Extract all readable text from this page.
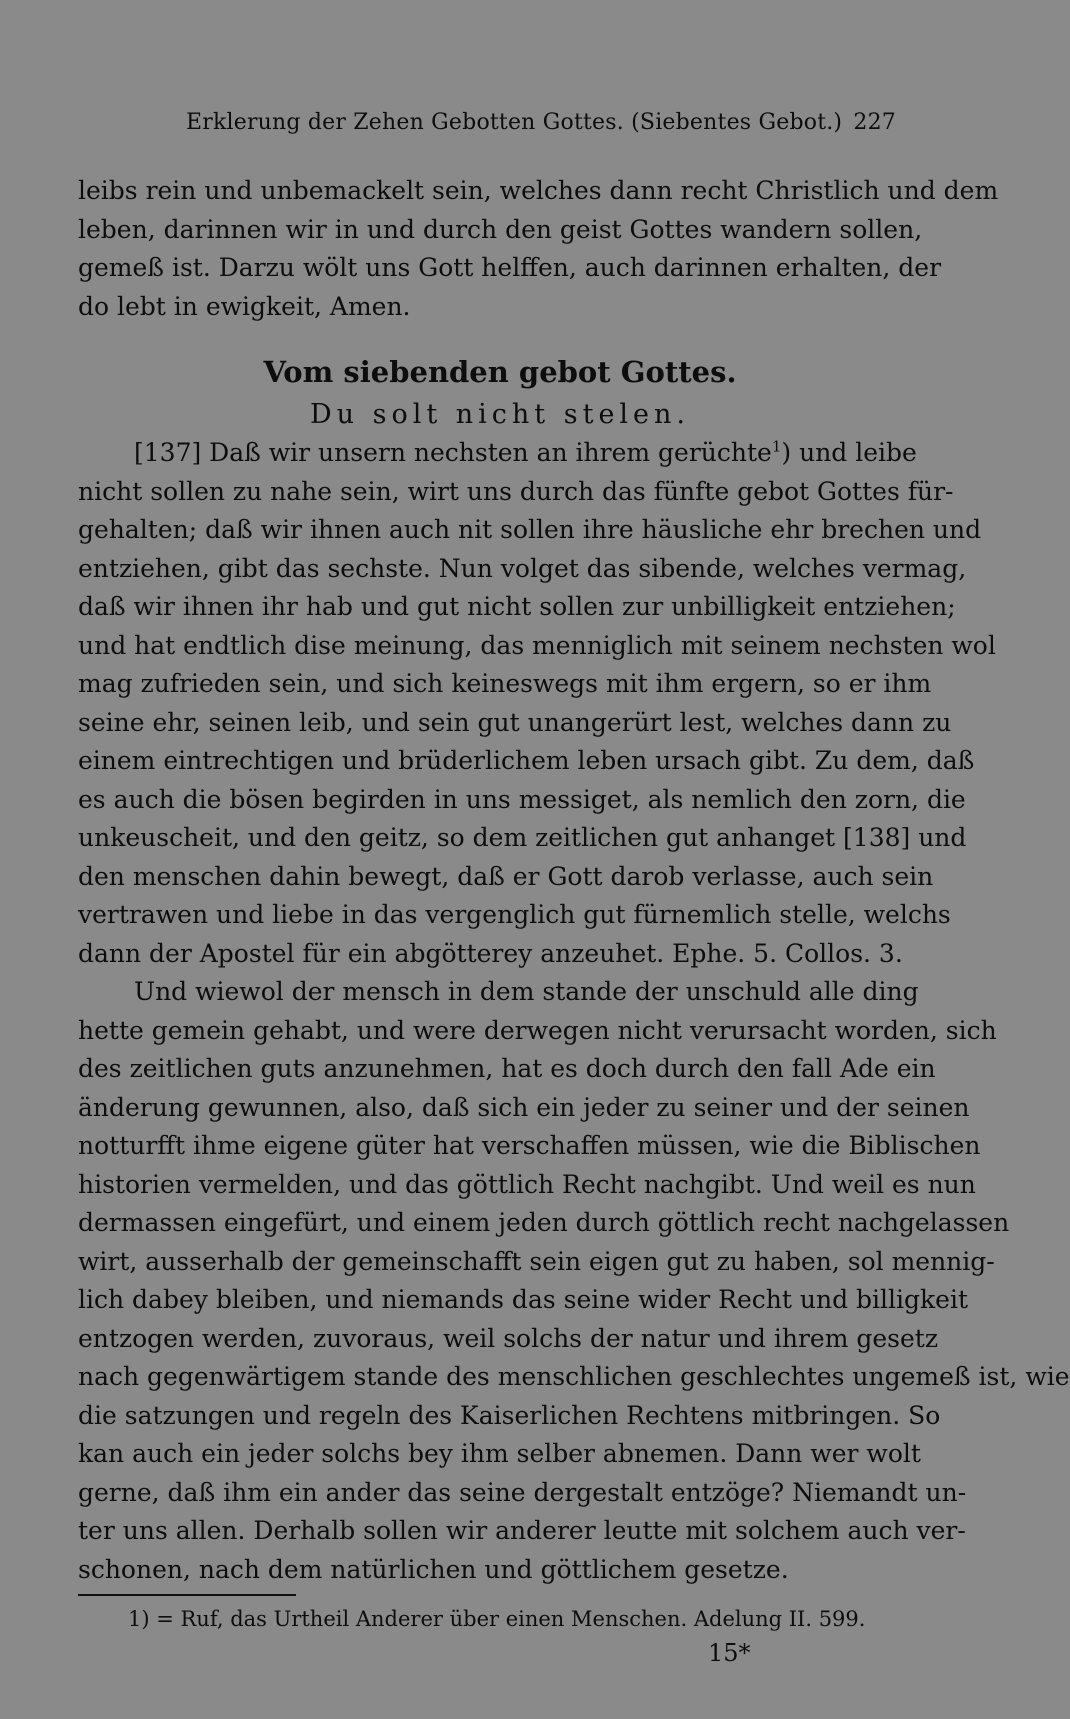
Erklerung der Zehen Gebotten Gottes. (Siebentes Gebot.) 227
leibs rein und unbemackelt sein, welches dann recht Christlich und dem
leben, darinnen wir in und durch den geist Gottes wandern sollen,
gemeß ist. Darzu wölt uns Gott helffen, auch darinnen erhalten, der
do lebt in ewigkeit, Amen.
Vom siebenden gebot Gottes.
Du solt nicht stelen.
[137] Daß wir unsern nechsten an ihrem gerüchte$^1$) und leibe
nicht sollen zu nahe sein, wirt uns durch das fünfte gebot Gottes für-
gehalten; daß wir ihnen auch nit sollen ihre häusliche ehr brechen und
entziehen, gibt das sechste. Nun volget das sibende, welches vermag,
daß wir ihnen ihr hab und gut nicht sollen zur unbilligkeit entziehen;
und hat endtlich dise meinung, das menniglich mit seinem nechsten wol
mag zufrieden sein, und sich keineswegs mit ihm ergern, so er ihm
seine ehr, seinen leib, und sein gut unangerürt lest, welches dann zu
einem eintrechtigen und brüderlichem leben ursach gibt. Zu dem, daß
es auch die bösen begirden in uns messiget, als nemlich den zorn, die
unkeuscheit, und den geitz, so dem zeitlichen gut anhanget [138] und
den menschen dahin bewegt, daß er Gott darob verlasse, auch sein
vertrawen und liebe in das vergenglich gut fürnemlich stelle, welchs
dann der Apostel für ein abgötterey anzeuhet. Ephe. 5. Collos. 3.
Und wiewol der mensch in dem stande der unschuld alle ding
hette gemein gehabt, und were derwegen nicht verursacht worden, sich
des zeitlichen guts anzunehmen, hat es doch durch den fall Ade ein
änderung gewunnen, also, daß sich ein jeder zu seiner und der seinen
notturfft ihme eigene güter hat verschaffen müssen, wie die Biblischen
historien vermelden, und das göttlich Recht nachgibt. Und weil es nun
dermassen eingefürt, und einem jeden durch göttlich recht nachgelassen
wirt, ausserhalb der gemeinschafft sein eigen gut zu haben, sol mennig-
lich dabey bleiben, und niemands das seine wider Recht und billigkeit
entzogen werden, zuvoraus, weil solchs der natur und ihrem gesetz
nach gegenwärtigem stande des menschlichen geschlechtes ungemeß ist, wie
die satzungen und regeln des Kaiserlichen Rechtens mitbringen. So
kan auch ein jeder solchs bey ihm selber abnemen. Dann wer wolt
gerne, daß ihm ein ander das seine dergestalt entzöge? Niemandt un-
ter uns allen. Derhalb sollen wir anderer leutte mit solchem auch ver-
schonen, nach dem natürlichen und göttlichem gesetze.
1) = Ruf, das Urtheil Anderer über einen Menschen. Adelung II. 599.
15*
